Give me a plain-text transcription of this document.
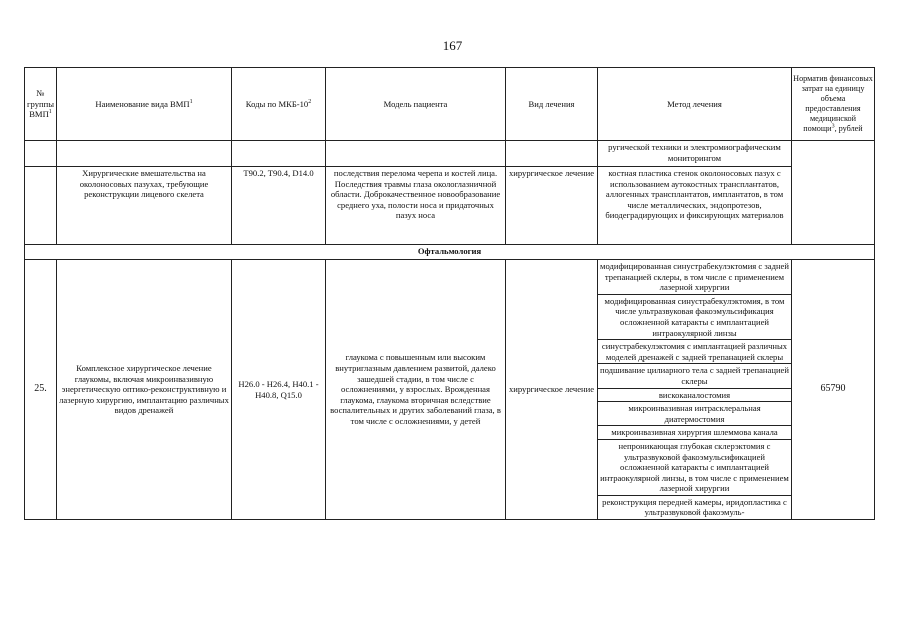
167
№ группы ВМП$^1$	Наименование вида ВМП$^1$	Коды по МКБ-$10^2$	Модель пациента	Вид лечения	Метод лечения	Норматив финансовых затрат на единицу объема предоставления медицинской помощи$^3$, рублей
					ругической техники и электромиографическим мониторингом	
	Хирургические вмешательства на околоносовых пазухах, требующие реконструкции лицевого скелета	T90.2, T90.4, D14.0	последствия перелома черепа и костей лица. Последствия травмы глаза окологлазничной области. Доброкачественное новообразование среднего уха, полости носа и придаточных пазух носа	хирургическое лечение	костная пластика стенок околоносовых пазух с использованием аутокостных трансплантатов, аллогенных трансплантатов, имплантатов, в том числе металлических, эндопротезов, биодеградирующих и фиксирующих материалов	
Офтальмология						
25.	Комплексное хирургическое лечение глаукомы, включая микроинвазивную энергетическую оптико-реконструктивную и лазерную хирургию, имплантацию различных видов дренажей	H26.0 - H26.4, H40.1 - H40.8, Q15.0	глаукома с повышенным или высоким внутриглазным давлением развитой, далеко зашедшей стадии, в том числе с осложнениями, у взрослых. Врожденная глаукома, глаукома вторичная вследствие воспалительных и других заболеваний глаза, в том числе с осложнениями, у детей	хирургическое лечение	модифицированная синустрабекулэктомия с задней трепанацией склеры, в том числе с применением лазерной хирургии	65790
					модифицированная синустрабекулэктомия, в том числе ультразвуковая факоэмульсификация осложненной катаракты с имплантацией интраокулярной линзы	
					синустрабекулэктомия с имплантацией различных моделей дренажей с задней трепанацией склеры	
					подшивание цилиарного тела с задней трепанацией склеры	
					вискоканалостомия	
					микроинвазивная интрасклеральная диатермостомия	
					микроинвазивная хирургия шлеммова канала	
					непроникающая глубокая склерэктомия с ультразвуковой факоэмульсификацией осложненной катаракты с имплантацией интраокулярной линзы, в том числе с применением лазерной хирургии	
					реконструкция передней камеры, иридопластика с ультразвуковой факоэмуль-	
